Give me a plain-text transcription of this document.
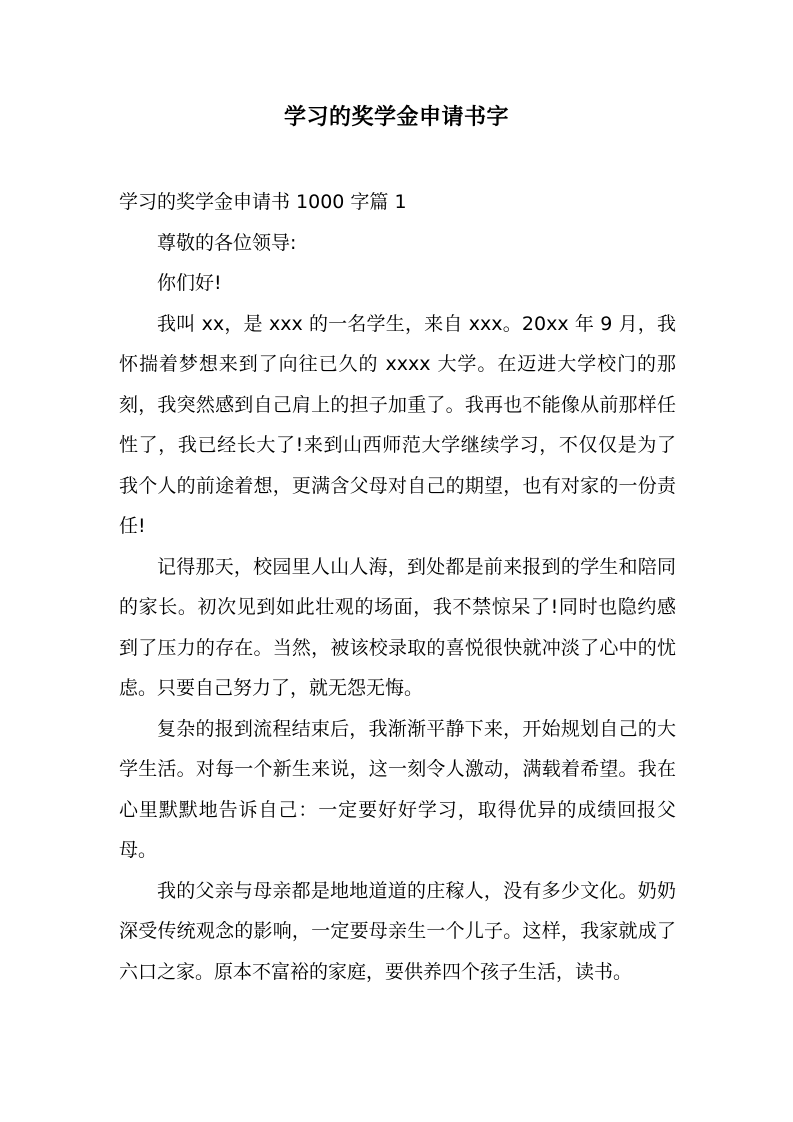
学习的奖学金申请书字

学习的奖学金申请书 1000 字篇 1

尊敬的各位领导:

你们好!

我叫 xx，是 xxx 的一名学生，来自 xxx。20xx 年 9 月，我怀揣着梦想来到了向往已久的 xxxx 大学。在迈进大学校门的那刻，我突然感到自己肩上的担子加重了。我再也不能像从前那样任性了，我已经长大了!来到山西师范大学继续学习，不仅仅是为了我个人的前途着想，更满含父母对自己的期望，也有对家的一份责任!

记得那天，校园里人山人海，到处都是前来报到的学生和陪同的家长。初次见到如此壮观的场面，我不禁惊呆了!同时也隐约感到了压力的存在。当然，被该校录取的喜悦很快就冲淡了心中的忧虑。只要自己努力了，就无怨无悔。

复杂的报到流程结束后，我渐渐平静下来，开始规划自己的大学生活。对每一个新生来说，这一刻令人激动，满载着希望。我在心里默默地告诉自己：一定要好好学习，取得优异的成绩回报父母。

我的父亲与母亲都是地地道道的庄稼人，没有多少文化。奶奶深受传统观念的影响，一定要母亲生一个儿子。这样，我家就成了六口之家。原本不富裕的家庭，要供养四个孩子生活，读书。
